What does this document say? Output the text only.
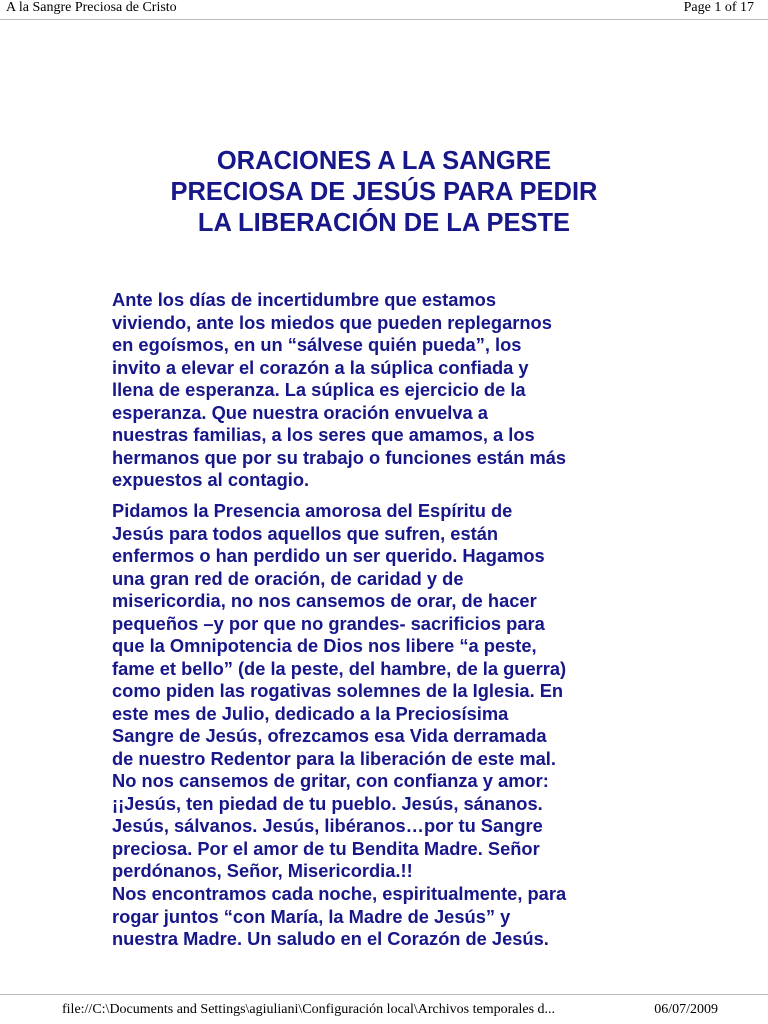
A la Sangre Preciosa de Cristo	Page 1 of 17
ORACIONES A LA SANGRE
PRECIOSA DE JESÚS PARA PEDIR
LA LIBERACIÓN DE LA PESTE
Ante los días de incertidumbre que estamos
viviendo, ante los miedos que pueden replegarnos
en egoísmos, en un “sálvese quién pueda”, los
invito a elevar el corazón a la súplica confiada y
llena de esperanza. La súplica es ejercicio de la
esperanza. Que nuestra oración envuelva a
nuestras familias, a los seres que amamos, a los
hermanos que por su trabajo o funciones están más
expuestos al contagio.
Pidamos la Presencia amorosa del Espíritu de
Jesús para todos aquellos que sufren, están
enfermos o han perdido un ser querido. Hagamos
una gran red de oración, de caridad y de
misericordia, no nos cansemos de orar, de hacer
pequeños –y por que no grandes- sacrificios para
que la Omnipotencia de Dios nos libere “a peste,
fame et bello” (de la peste, del hambre, de la guerra)
como piden las rogativas solemnes de la Iglesia. En
este mes de Julio, dedicado a la Preciosísima
Sangre de Jesús, ofrezcamos esa Vida derramada
de nuestro Redentor para la liberación de este mal.
No nos cansemos de gritar, con confianza y amor:
¡¡Jesús, ten piedad de tu pueblo. Jesús, sánanos.
Jesús, sálvanos. Jesús, libéranos…por tu Sangre
preciosa. Por el amor de tu Bendita Madre. Señor
perdónanos, Señor, Misericordia.!!
Nos encontramos cada noche, espiritualmente, para
rogar juntos “con María, la Madre de Jesús” y
nuestra Madre. Un saludo en el Corazón de Jesús.
file://C:\Documents and Settings\agiuliani\Configuración local\Archivos temporales d...	06/07/2009
